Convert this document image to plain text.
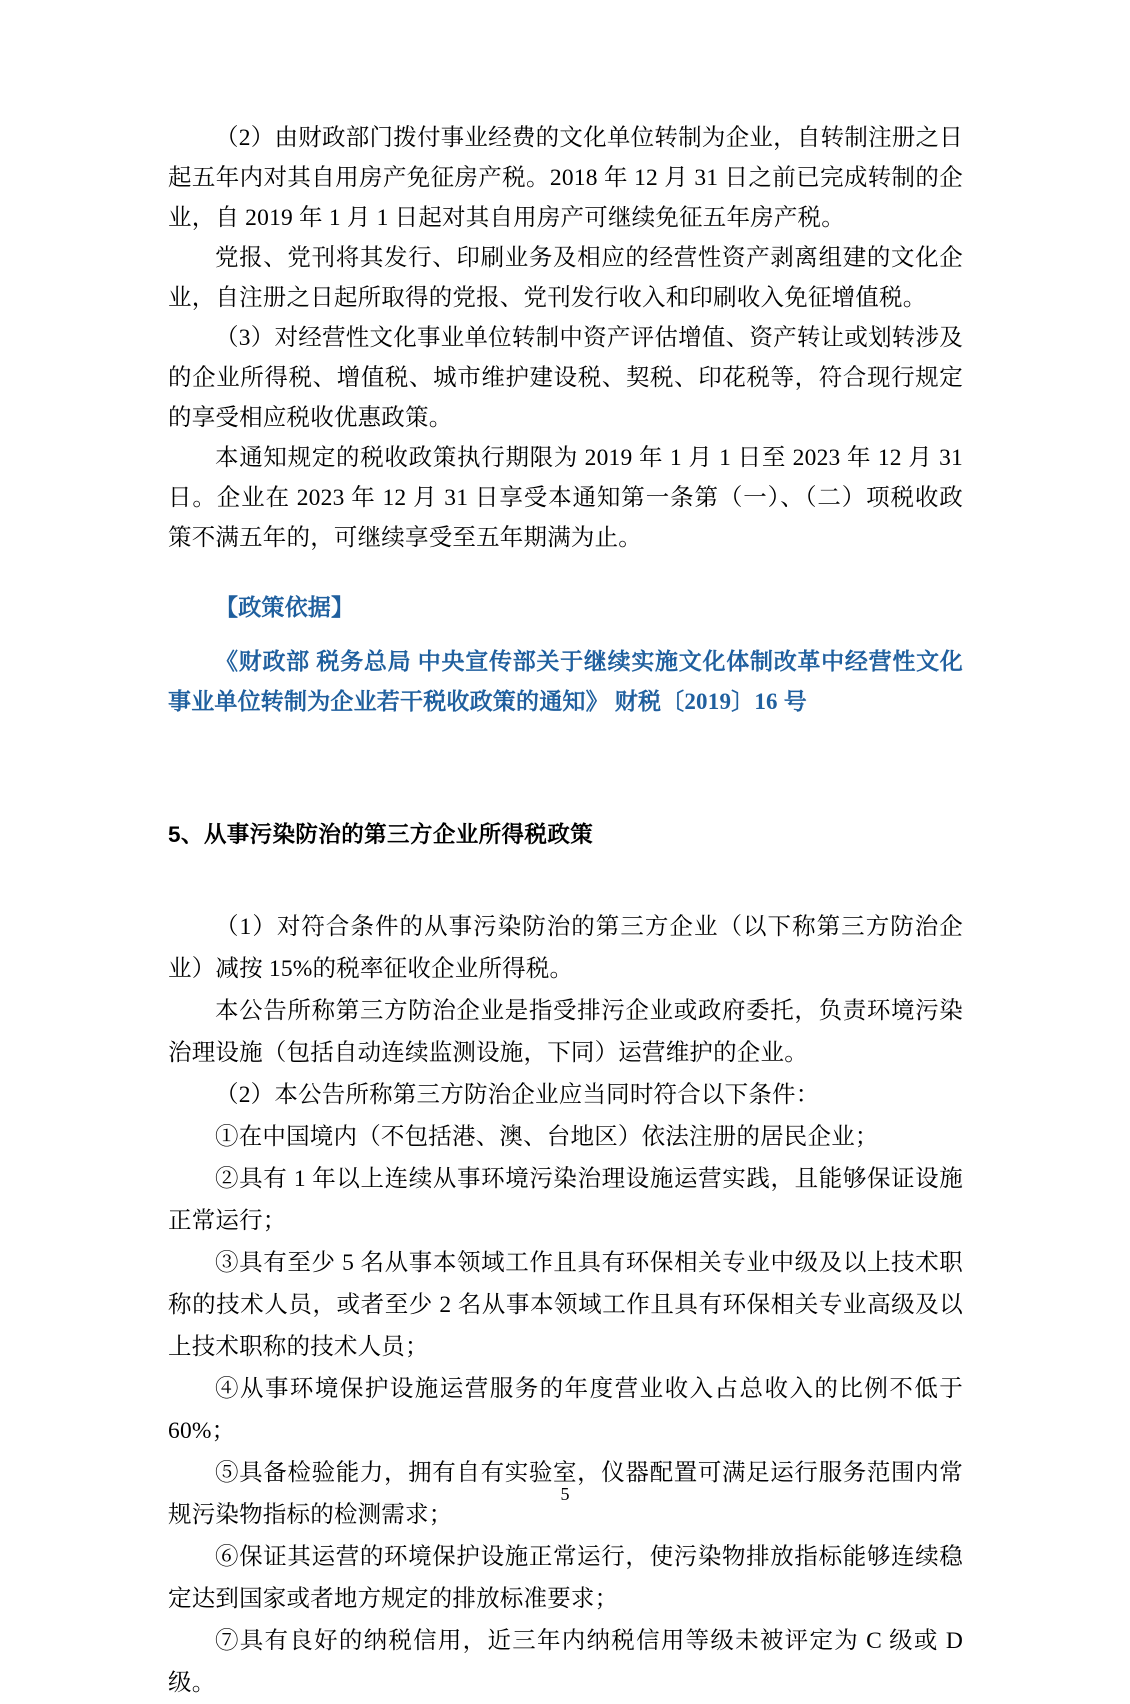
（2）由财政部门拨付事业经费的文化单位转制为企业，自转制注册之日起五年内对其自用房产免征房产税。2018 年 12 月 31 日之前已完成转制的企业，自 2019 年 1 月 1 日起对其自用房产可继续免征五年房产税。

党报、党刊将其发行、印刷业务及相应的经营性资产剥离组建的文化企业，自注册之日起所取得的党报、党刊发行收入和印刷收入免征增值税。

（3）对经营性文化事业单位转制中资产评估增值、资产转让或划转涉及的企业所得税、增值税、城市维护建设税、契税、印花税等，符合现行规定的享受相应税收优惠政策。

本通知规定的税收政策执行期限为 2019 年 1 月 1 日至 2023 年 12 月 31 日。企业在 2023 年 12 月 31 日享受本通知第一条第（一）、（二）项税收政策不满五年的，可继续享受至五年期满为止。

【政策依据】

《财政部 税务总局 中央宣传部关于继续实施文化体制改革中经营性文化事业单位转制为企业若干税收政策的通知》 财税〔2019〕16 号

5、从事污染防治的第三方企业所得税政策

（1）对符合条件的从事污染防治的第三方企业（以下称第三方防治企业）减按 15%的税率征收企业所得税。

本公告所称第三方防治企业是指受排污企业或政府委托，负责环境污染治理设施（包括自动连续监测设施，下同）运营维护的企业。

（2）本公告所称第三方防治企业应当同时符合以下条件：

①在中国境内（不包括港、澳、台地区）依法注册的居民企业；

②具有 1 年以上连续从事环境污染治理设施运营实践，且能够保证设施正常运行；

③具有至少 5 名从事本领域工作且具有环保相关专业中级及以上技术职称的技术人员，或者至少 2 名从事本领域工作且具有环保相关专业高级及以上技术职称的技术人员；

④从事环境保护设施运营服务的年度营业收入占总收入的比例不低于 60%；

⑤具备检验能力，拥有自有实验室，仪器配置可满足运行服务范围内常规污染物指标的检测需求；

⑥保证其运营的环境保护设施正常运行，使污染物排放指标能够连续稳定达到国家或者地方规定的排放标准要求；

⑦具有良好的纳税信用，近三年内纳税信用等级未被评定为 C 级或 D 级。

5
